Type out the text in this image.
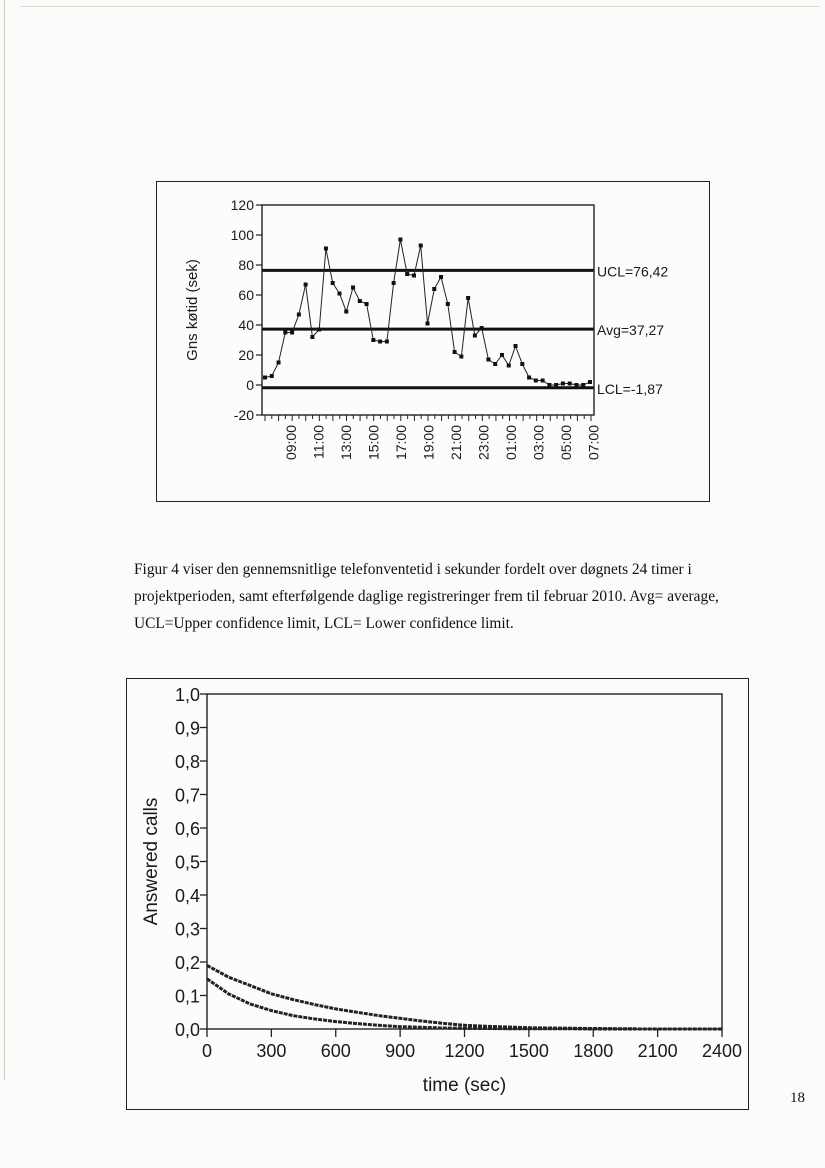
-20
0
20
40
60
80
100
120
09:00 11:00 13:00 15:00 17:00 19:00 21:00 23:00 01:00 03:00 05:00 07:00
UCL=76,42
Avg=37,27
LCL=-1,87
Gns køtid (sek)

Figur 4 viser den gennemsnitlige telefonventetid i sekunder fordelt over døgnets 24 timer i projektperioden, samt efterfølgende daglige registreringer frem til februar 2010. Avg= average, UCL=Upper confidence limit, LCL= Lower confidence limit.

0,0
0,1
0,2
0,3
0,4
0,5
0,6
0,7
0,8
0,9
1,0
0 300 600 900 1200 1500 1800 2100 2400
Answered calls
time (sec)
18
